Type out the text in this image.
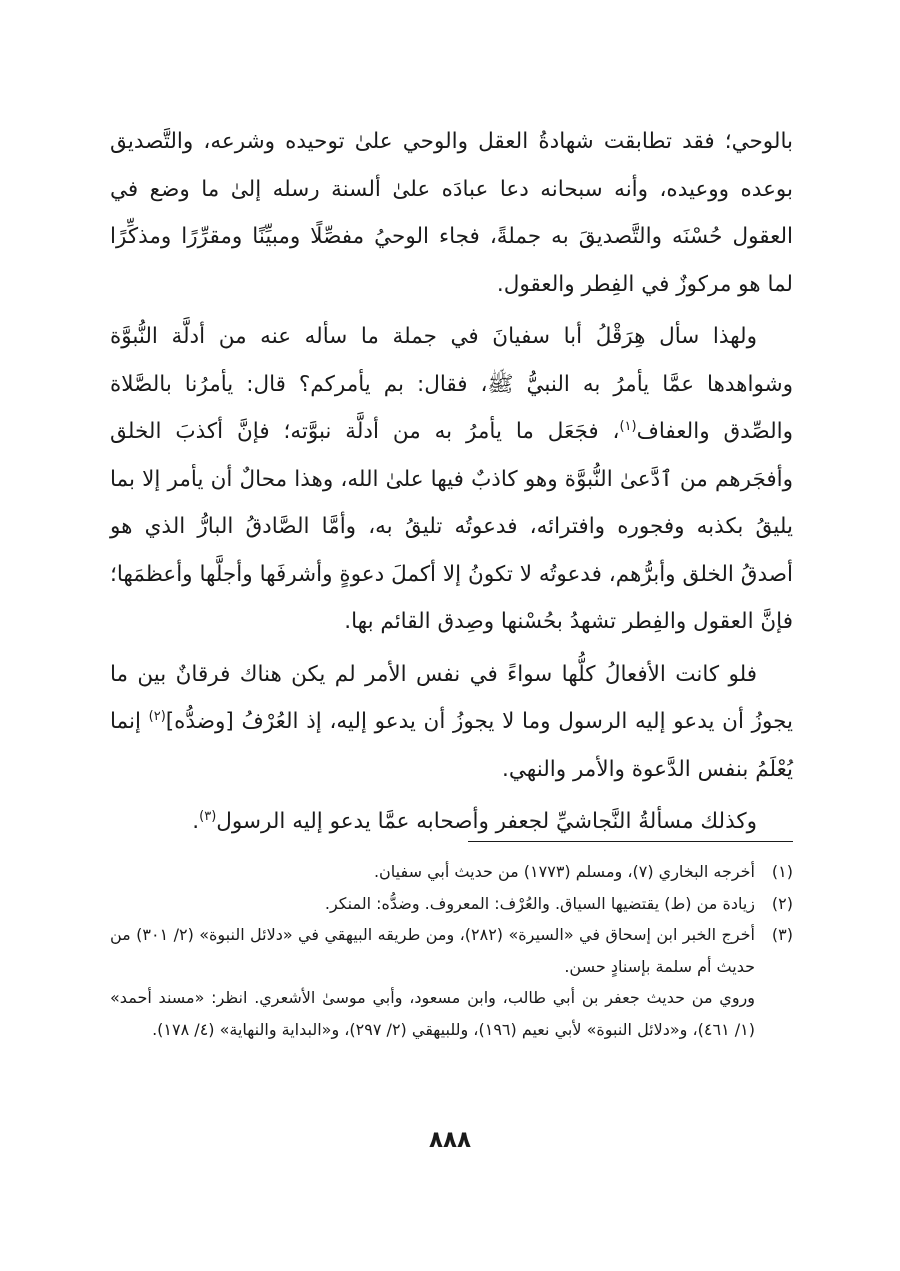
بالوحي؛ فقد تطابقت شهادةُ العقل والوحي علىٰ توحيده وشرعه، والتَّصديق بوعده ووعيده، وأنه سبحانه دعا عبادَه علىٰ ألسنة رسله إلىٰ ما وضع في العقول حُسْنَه والتَّصديقَ به جملةً، فجاء الوحيُ مفصِّلًا ومبيِّنًا ومقرِّرًا ومذكِّرًا لما هو مركوزٌ في الفِطر والعقول.

ولهذا سأل هِرَقْلُ أبا سفيانَ في جملة ما سأله عنه من أدلَّة النُّبوَّة وشواهدها عمَّا يأمرُ به النبيُّ ﷺ، فقال: بم يأمركم؟ قال: يأمرُنا بالصَّلاة والصِّدق والعفاف$^{(١)}$، فجَعَل ما يأمرُ به من أدلَّة نبوَّته؛ فإنَّ أكذبَ الخلق وأفجَرهم من ٱدَّعىٰ النُّبوَّة وهو كاذبٌ فيها علىٰ الله، وهذا محالٌ أن يأمر إلا بما يليقُ بكذبه وفجوره وافترائه، فدعوتُه تليقُ به، وأمَّا الصَّادقُ البارُّ الذي هو أصدقُ الخلق وأبرُّهم، فدعوتُه لا تكونُ إلا أكملَ دعوةٍ وأشرفَها وأجلَّها وأعظمَها؛ فإنَّ العقول والفِطر تشهدُ بحُسْنها وصِدق القائم بها.

فلو كانت الأفعالُ كلُّها سواءً في نفس الأمر لم يكن هناك فرقانٌ بين ما يجوزُ أن يدعو إليه الرسول وما لا يجوزُ أن يدعو إليه، إذ العُرْفُ [وضدُّه]$^{(٢)}$ إنما يُعْلَمُ بنفس الدَّعوة والأمر والنهي.

وكذلك مسألةُ النَّجاشيِّ لجعفر وأصحابه عمَّا يدعو إليه الرسول$^{(٣)}$.

(١)
أخرجه البخاري (٧)، ومسلم (١٧٧٣) من حديث أبي سفيان.
(٢)
زيادة من (ط) يقتضيها السياق. والعُرْف: المعروف. وضدُّه: المنكر.
(٣)
أخرج الخبر ابن إسحاق في «السيرة» (٢٨٢)، ومن طريقه البيهقي في «دلائل النبوة» (٢/ ٣٠١) من حديث أم سلمة بإسنادٍ حسن.
وروي من حديث جعفر بن أبي طالب، وابن مسعود، وأبي موسىٰ الأشعري. انظر: «مسند أحمد» (١/ ٤٦١)، و«دلائل النبوة» لأبي نعيم (١٩٦)، وللبيهقي (٢/ ٢٩٧)، و«البداية والنهاية» (٤/ ١٧٨).
٨٨٨
